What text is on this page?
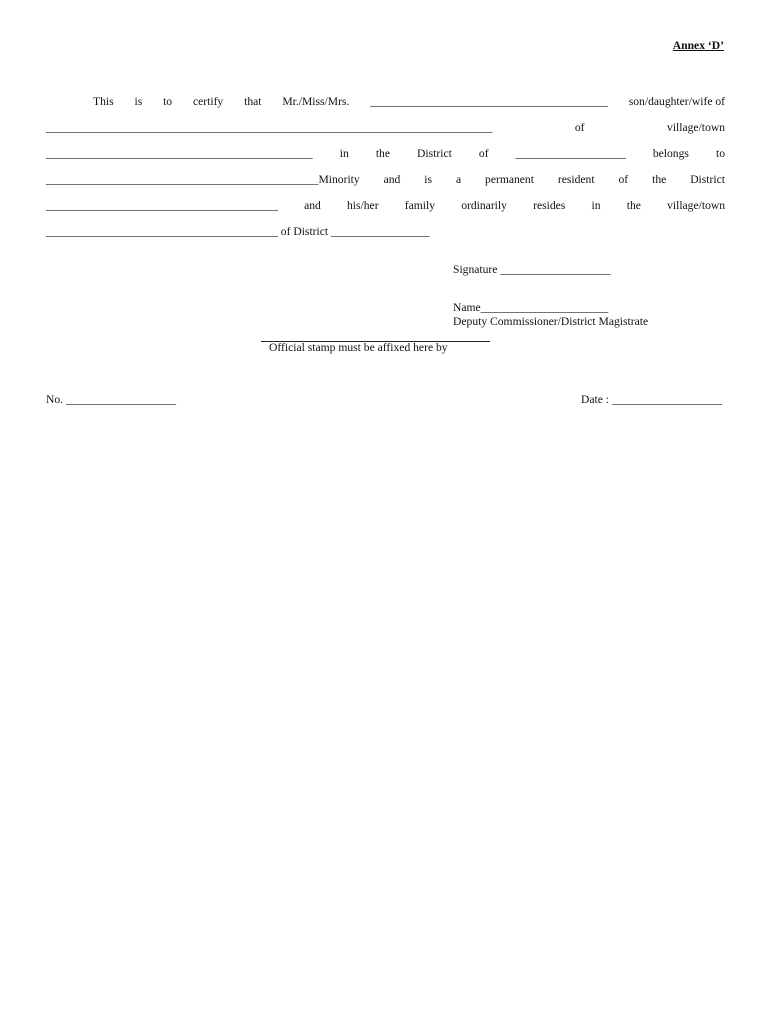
Annex ‘D’
This is to certify that Mr./Miss/Mrs. _________________________________________ son/daughter/wife of
_____________________________________________________________________________	of	village/town
______________________________________________ in the District of ___________________ belongs to
_______________________________________________ Minority and is a permanent resident of the District
________________________________________ and his/her family ordinarily resides in the village/town
________________________________________
of District
_________________
Signature ___________________
Name______________________
Deputy Commissioner/District Magistrate
Official stamp must be affixed here by
No. ___________________	Date : ___________________
